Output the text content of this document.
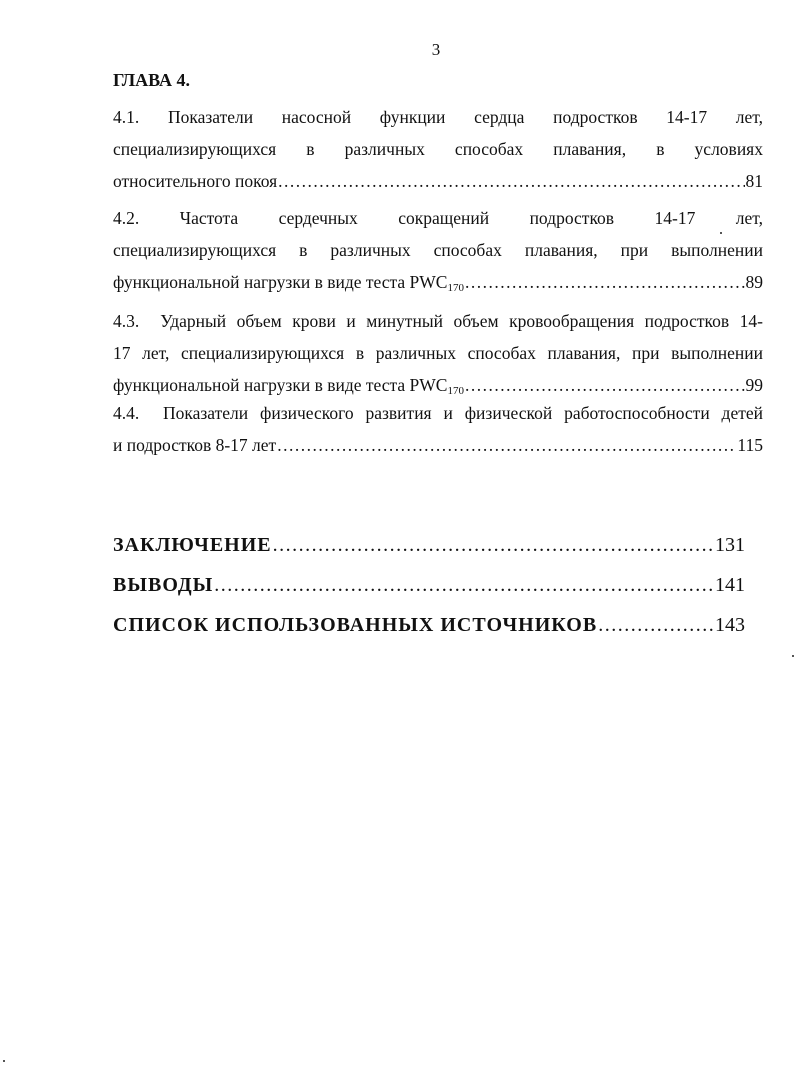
3
ГЛАВА 4.
4.1. Показатели насосной функции сердца подростков 14-17 лет,
специализирующихся в различных способах плавания, в условиях
относительного покоя .....	81
4.2. Частота сердечных сокращений подростков 14-17 лет,
специализирующихся в различных способах плавания, при выполнении
функциональной нагрузки в виде теста $PWC_{170}$ .....	89
4.3. Ударный объем крови и минутный объем кровообращения подростков 14-
17 лет, специализирующихся в различных способах плавания, при выполнении
функциональной нагрузки в виде теста $PWC_{170}$ .....	99
4.4. Показатели физического развития и физической работоспособности детей
и подростков 8-17 лет .....	115
ЗАКЛЮЧЕНИЕ .....	131
ВЫВОДЫ .....	141
СПИСОК ИСПОЛЬЗОВАННЫХ ИСТОЧНИКОВ .....	143
